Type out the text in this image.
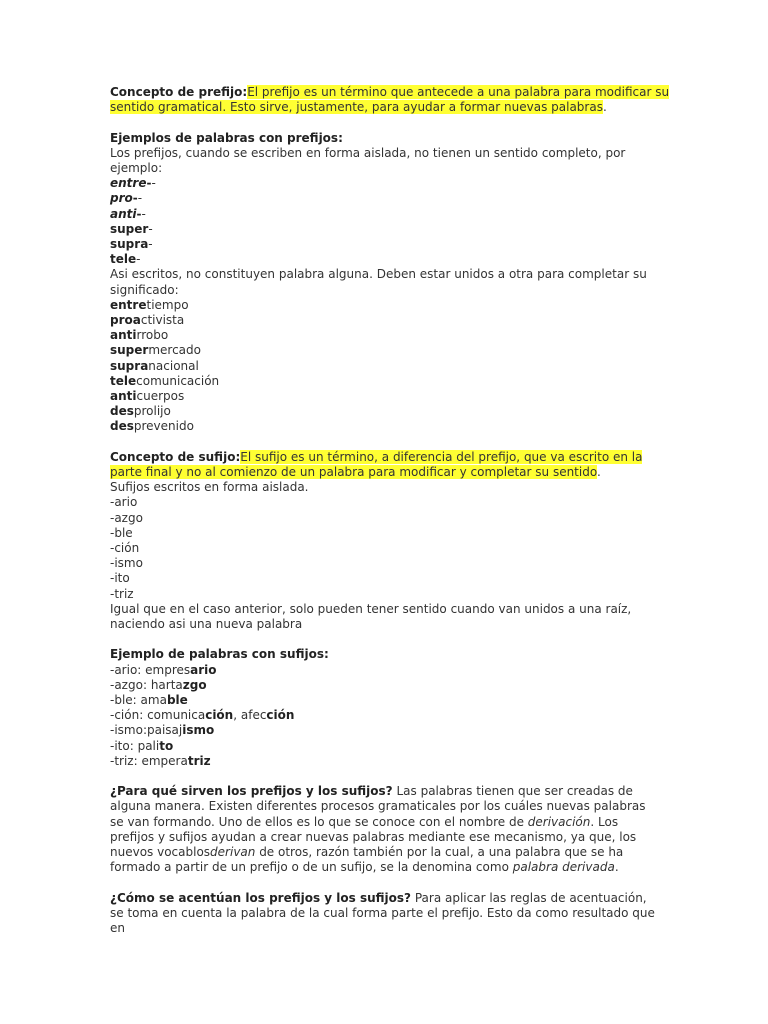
Concepto de prefijo:El prefijo es un término que antecede a una palabra para modificar su
sentido gramatical. Esto sirve, justamente, para ayudar a formar nuevas palabras.
Ejemplos de palabras con prefijos:
Los prefijos, cuando se escriben en forma aislada, no tienen un sentido completo, por
ejemplo:
entre--
pro--
anti--
super-
supra-
tele-
Asi escritos, no constituyen palabra alguna. Deben estar unidos a otra para completar su
significado:
entretiempo
proactivista
antirrobo
supermercado
supranacional
telecomunicación
anticuerpos
desprolijo
desprevenido
Concepto de sufijo:El sufijo es un término, a diferencia del prefijo, que va escrito en la
parte final y no al comienzo de un palabra para modificar y completar su sentido.
Sufijos escritos en forma aislada.
-ario
-azgo
-ble
-ción
-ismo
-ito
-triz
Igual que en el caso anterior, solo pueden tener sentido cuando van unidos a una raíz,
naciendo asi una nueva palabra
Ejemplo de palabras con sufijos:
-ario: empresario
-azgo: hartazgo
-ble: amable
-ción: comunicación, afección
-ismo:paisajismo
-ito: palito
-triz: emperatriz
¿Para qué sirven los prefijos y los sufijos? Las palabras tienen que ser creadas de alguna manera. Existen diferentes procesos gramaticales por los cuáles nuevas palabras se van formando. Uno de ellos es lo que se conoce con el nombre de derivación. Los prefijos y sufijos ayudan a crear nuevas palabras mediante ese mecanismo, ya que, los nuevos vocablosderivan de otros, razón también por la cual, a una palabra que se ha formado a partir de un prefijo o de un sufijo, se la denomina como palabra derivada.
¿Cómo se acentúan los prefijos y los sufijos? Para aplicar las reglas de acentuación, se toma en cuenta la palabra de la cual forma parte el prefijo. Esto da como resultado que en
